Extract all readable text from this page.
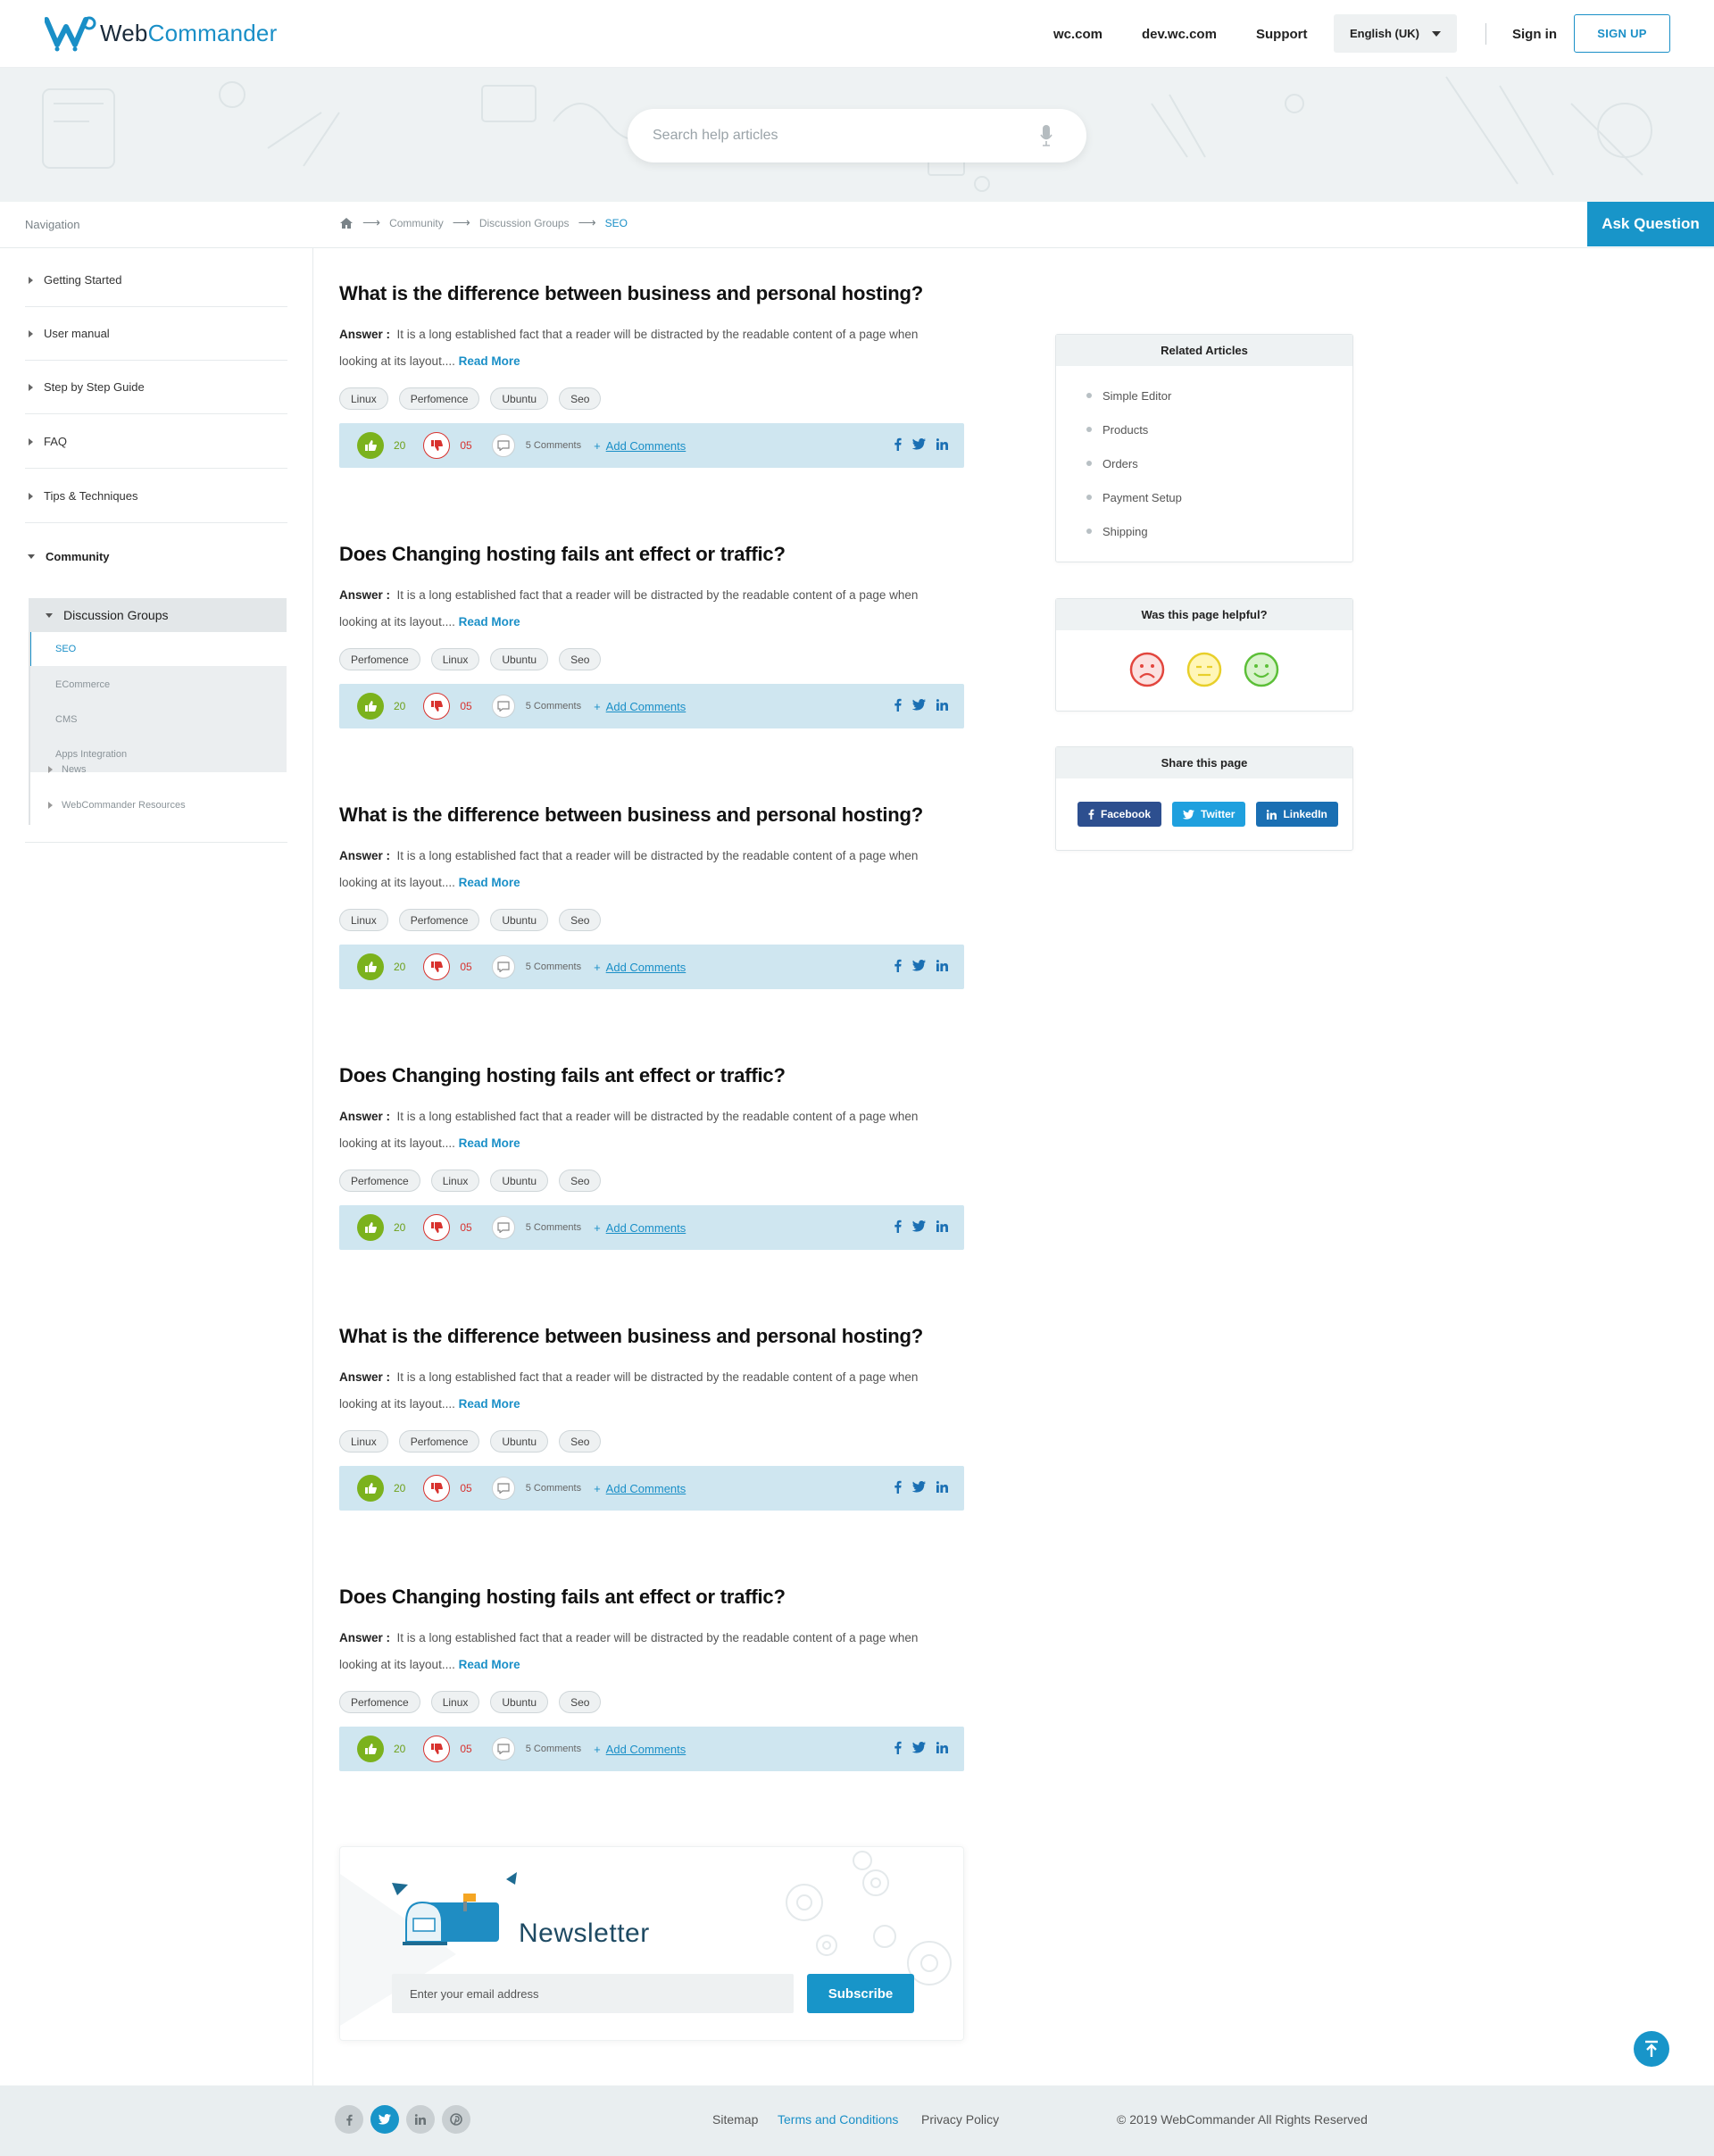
WebCommander	wc.com	dev.wc.com	Support	English (UK)	Sign in	SIGN UP
Search help articles
Navigation	⟶ Community ⟶ Discussion Groups ⟶ SEO	Ask Question
Getting Started
User manual
Step by Step Guide
FAQ
Tips & Techniques
Community
Discussion Groups
SEO
ECommerce
CMS
Apps Integration
News
WebCommander Resources
What is the difference between business and personal hosting?
Answer : It is a long established fact that a reader will be distracted by the readable content of a page when looking at its layout.... Read More
Linux	Perfomence	Ubuntu	Seo
20	05	5 Comments + Add Comments
Does Changing hosting fails ant effect or traffic?
Answer : It is a long established fact that a reader will be distracted by the readable content of a page when looking at its layout.... Read More
Perfomence	Linux	Ubuntu	Seo
20	05	5 Comments + Add Comments
What is the difference between business and personal hosting?
Answer : It is a long established fact that a reader will be distracted by the readable content of a page when looking at its layout.... Read More
Linux	Perfomence	Ubuntu	Seo
20	05	5 Comments + Add Comments
Does Changing hosting fails ant effect or traffic?
Answer : It is a long established fact that a reader will be distracted by the readable content of a page when looking at its layout.... Read More
Perfomence	Linux	Ubuntu	Seo
20	05	5 Comments + Add Comments
What is the difference between business and personal hosting?
Answer : It is a long established fact that a reader will be distracted by the readable content of a page when looking at its layout.... Read More
Linux	Perfomence	Ubuntu	Seo
20	05	5 Comments + Add Comments
Does Changing hosting fails ant effect or traffic?
Answer : It is a long established fact that a reader will be distracted by the readable content of a page when looking at its layout.... Read More
Perfomence	Linux	Ubuntu	Seo
20	05	5 Comments + Add Comments
Related Articles
Simple Editor
Products
Orders
Payment Setup
Shipping
Was this page helpful?
Share this page
Facebook	Twitter	LinkedIn
Newsletter
Enter your email address
Subscribe
Sitemap Terms and Conditions Privacy Policy	© 2019 WebCommander All Rights Reserved
